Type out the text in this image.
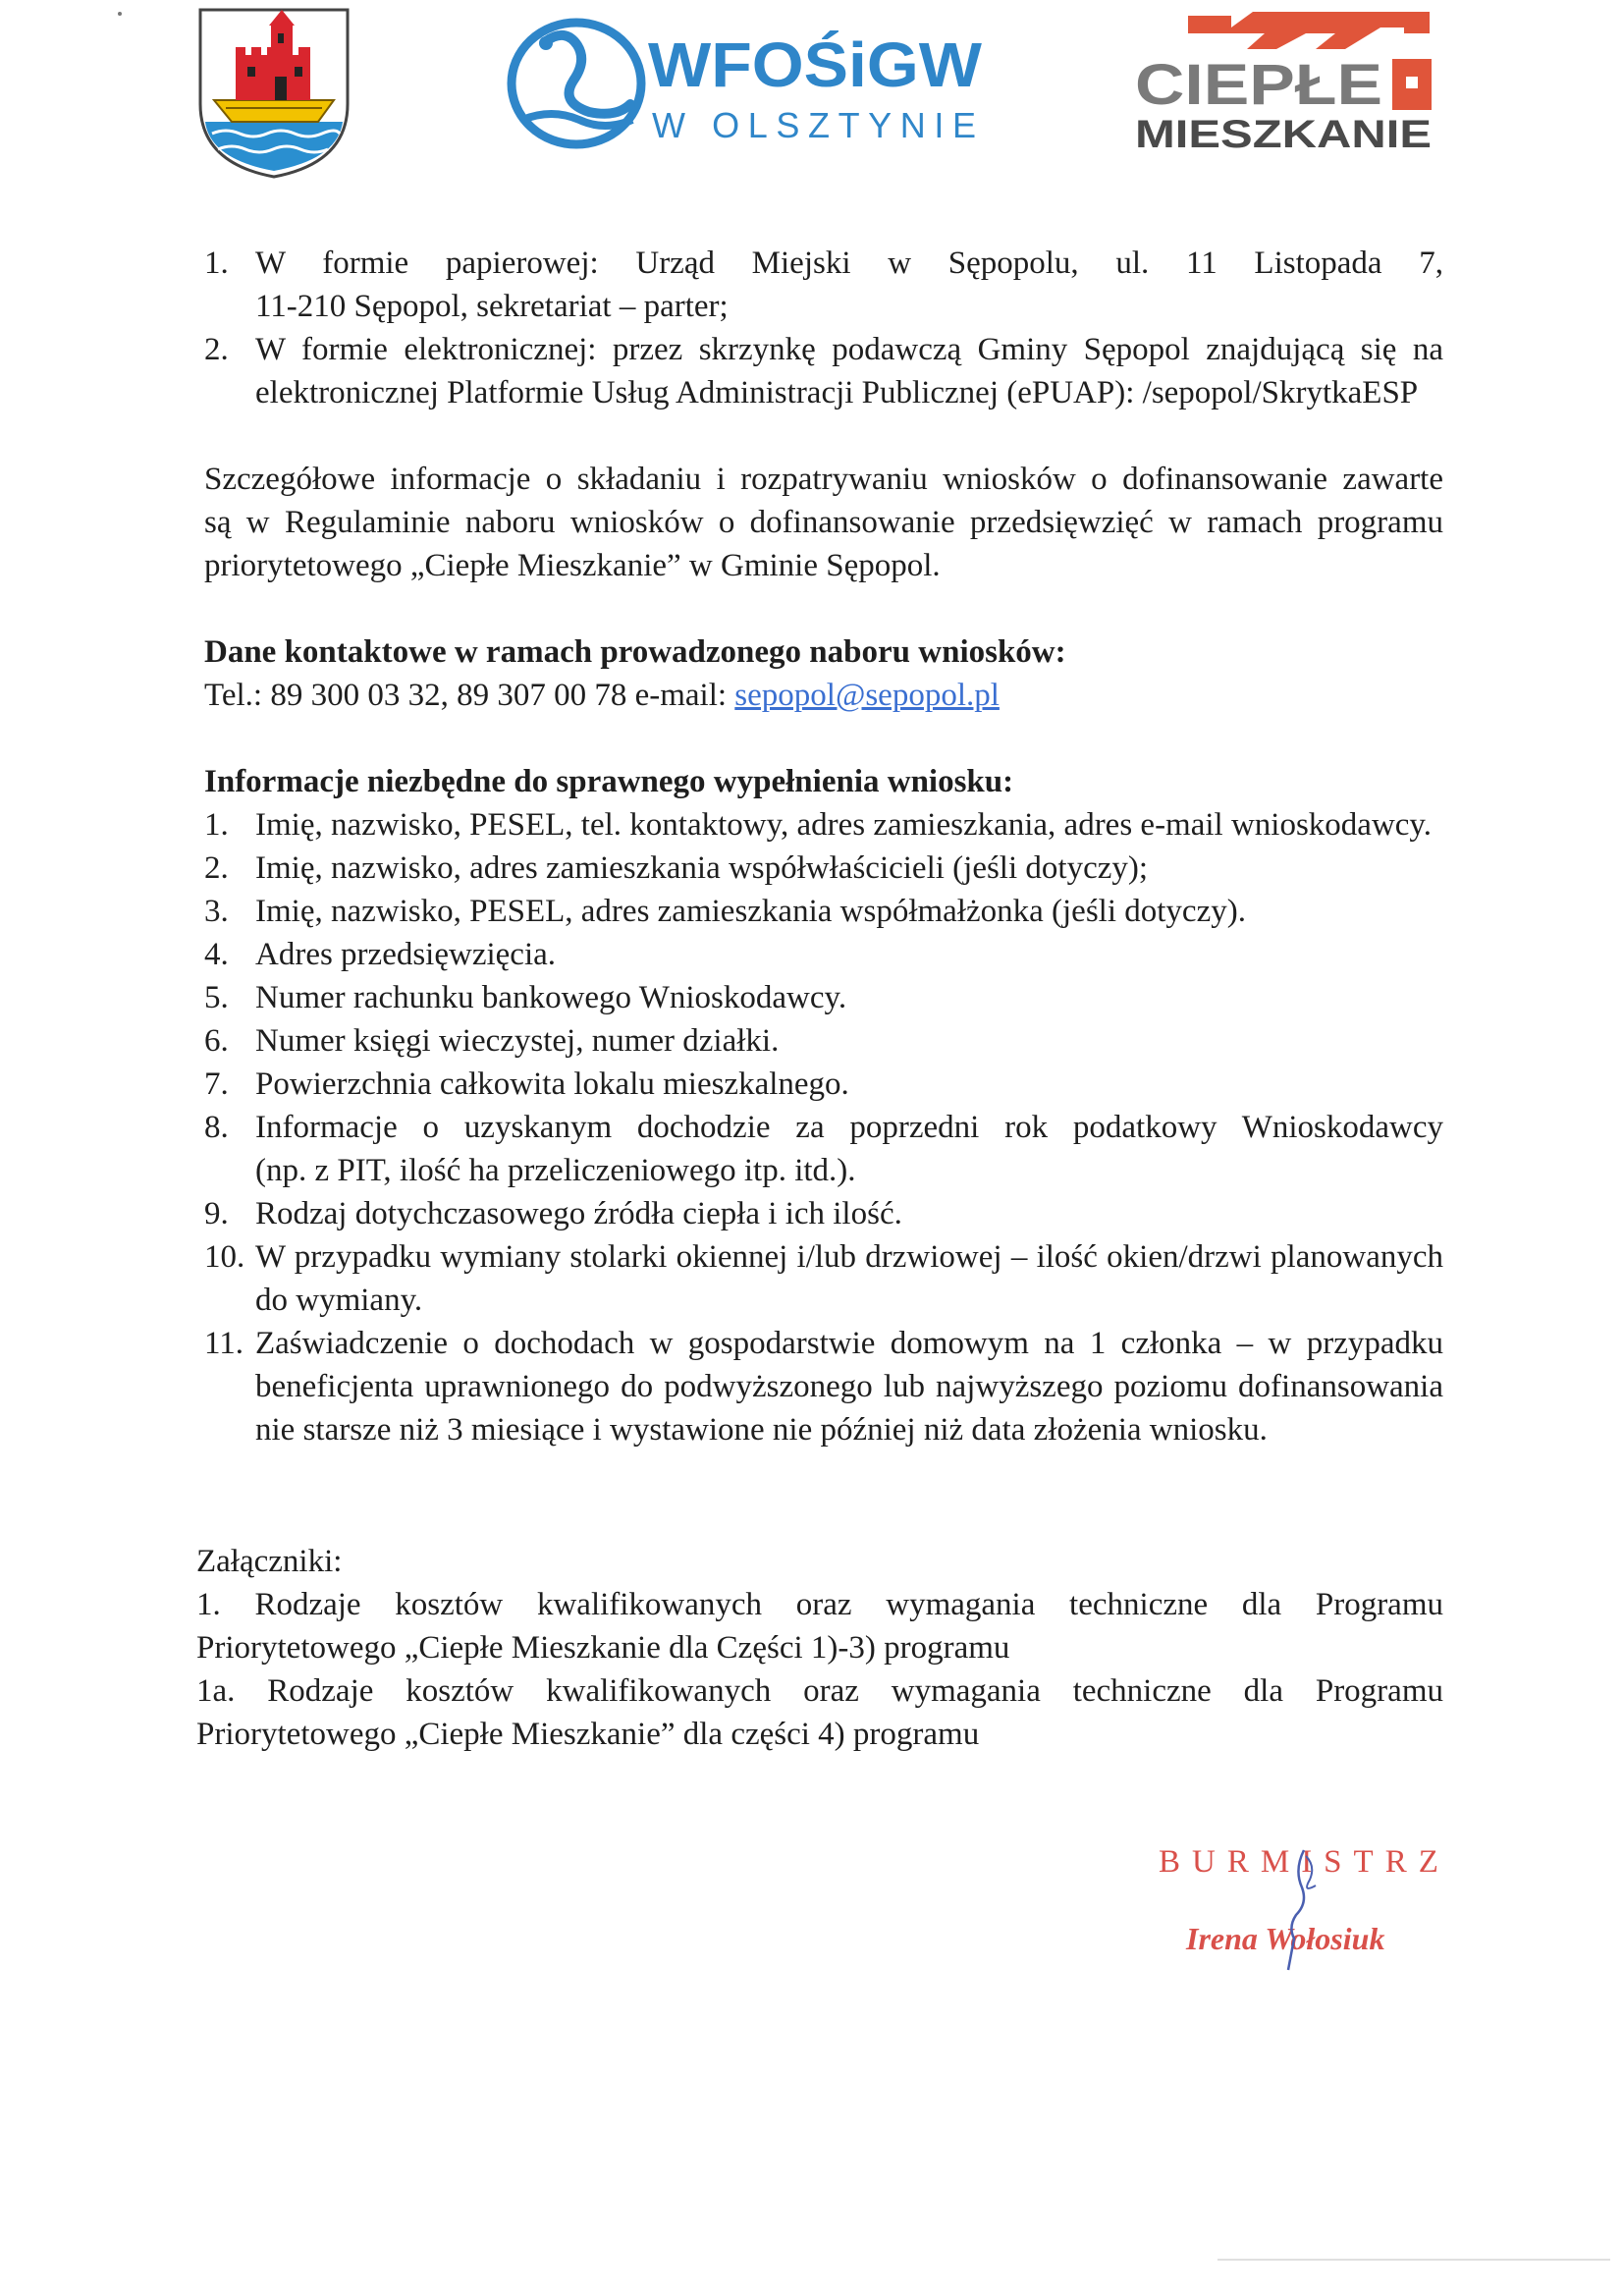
WFOŚiGW
W OLSZTYNIE
CIEPŁE
MIESZKANIE
1. W formie papierowej: Urząd Miejski w Sępopolu, ul. 11 Listopada 7,
11-210 Sępopol, sekretariat – parter;
2. W formie elektronicznej: przez skrzynkę podawczą Gminy Sępopol znajdującą się na
elektronicznej Platformie Usług Administracji Publicznej (ePUAP): /sepopol/SkrytkaESP
Szczegółowe informacje o składaniu i rozpatrywaniu wniosków o dofinansowanie zawarte
są w Regulaminie naboru wniosków o dofinansowanie przedsięwzięć w ramach programu
priorytetowego „Ciepłe Mieszkanie” w Gminie Sępopol.
Dane kontaktowe w ramach prowadzonego naboru wniosków:
Tel.: 89 300 03 32, 89 307 00 78 e-mail: sepopol@sepopol.pl
Informacje niezbędne do sprawnego wypełnienia wniosku:
1. Imię, nazwisko, PESEL, tel. kontaktowy, adres zamieszkania, adres e-mail wnioskodawcy.
2. Imię, nazwisko, adres zamieszkania współwłaścicieli (jeśli dotyczy);
3. Imię, nazwisko, PESEL, adres zamieszkania współmałżonka (jeśli dotyczy).
4. Adres przedsięwzięcia.
5. Numer rachunku bankowego Wnioskodawcy.
6. Numer księgi wieczystej, numer działki.
7. Powierzchnia całkowita lokalu mieszkalnego.
8. Informacje o uzyskanym dochodzie za poprzedni rok podatkowy Wnioskodawcy
(np. z PIT, ilość ha przeliczeniowego itp. itd.).
9. Rodzaj dotychczasowego źródła ciepła i ich ilość.
10. W przypadku wymiany stolarki okiennej i/lub drzwiowej – ilość okien/drzwi planowanych
do wymiany.
11. Zaświadczenie o dochodach w gospodarstwie domowym na 1 członka – w przypadku
beneficjenta uprawnionego do podwyższonego lub najwyższego poziomu dofinansowania
nie starsze niż 3 miesiące i wystawione nie później niż data złożenia wniosku.
Załączniki:
1. Rodzaje kosztów kwalifikowanych oraz wymagania techniczne dla Programu
Priorytetowego „Ciepłe Mieszkanie dla Części 1)-3) programu
1a. Rodzaje kosztów kwalifikowanych oraz wymagania techniczne dla Programu
Priorytetowego „Ciepłe Mieszkanie” dla części 4) programu
BURMISTRZ
Irena Wołosiuk
